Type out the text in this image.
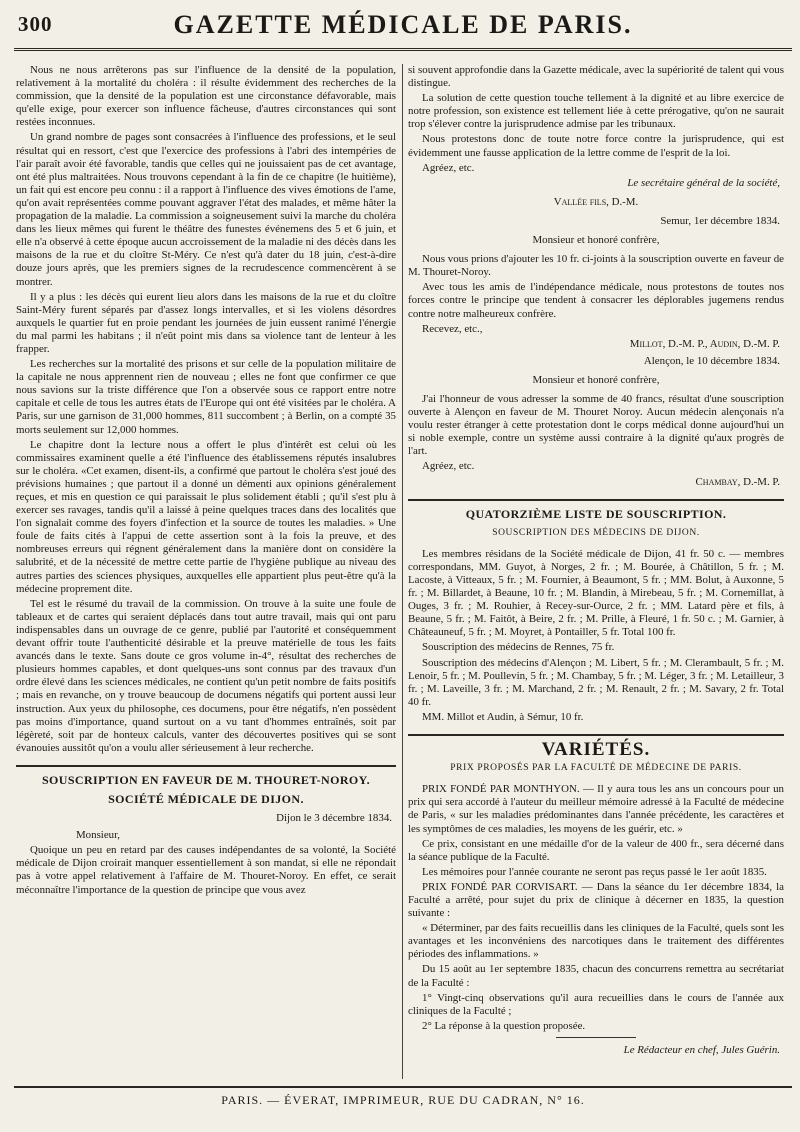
300	GAZETTE MÉDICALE DE PARIS.

Nous ne nous arrêterons pas sur l'influence de la densité de la population, relativement à la mortalité du choléra : il résulte évidemment des recherches de la commission, que la densité de la population est une circonstance défavorable, mais qu'elle exige, pour exercer son influence fâcheuse, d'autres circonstances qui sont restées inconnues.

Un grand nombre de pages sont consacrées à l'influence des professions, et le seul résultat qui en ressort, c'est que l'exercice des professions à l'abri des intempéries de l'air paraît avoir été favorable, tandis que celles qui ne jouissaient pas de cet avantage, ont été plus maltraitées. Nous trouvons cependant à la fin de ce chapitre (le huitième), un fait qui est encore peu connu : il a rapport à l'influence des vives émotions de l'ame, qu'on avait représentées comme pouvant aggraver l'état des malades, et même hâter la propagation de la maladie. La commission a soigneusement suivi la marche du choléra dans les lieux mêmes qui furent le théâtre des funestes événemens des 5 et 6 juin, et elle n'a observé à cette époque aucun accroissement de la maladie ni des décès dans les maisons de la rue et du cloître St-Méry. Ce n'est qu'à dater du 18 juin, c'est-à-dire douze jours après, que les premiers signes de la recrudescence commencèrent à se montrer.

Il y a plus : les décès qui eurent lieu alors dans les maisons de la rue et du cloître Saint-Méry furent séparés par d'assez longs intervalles, et si les violens désordres auxquels le quartier fut en proie pendant les journées de juin eussent ranimé l'énergie du mal parmi les habitans ; il n'eût point mis dans sa violence tant de lenteur à les frapper.

Les recherches sur la mortalité des prisons et sur celle de la population militaire de la capitale ne nous apprennent rien de nouveau ; elles ne font que confirmer ce que nous savions sur la triste différence que l'on a observée sous ce rapport entre notre capitale et celle de tous les autres états de l'Europe qui ont été visitées par le choléra. A Paris, sur une garnison de 31,000 hommes, 811 succombent ; à Berlin, on a compté 35 morts seulement sur 12,000 hommes.

Le chapitre dont la lecture nous a offert le plus d'intérêt est celui où les commissaires examinent quelle a été l'influence des établissemens réputés insalubres sur le choléra. «Cet examen, disent-ils, a confirmé que partout le choléra s'est joué des prévisions humaines ; que partout il a donné un démenti aux opinions généralement reçues, et mis en question ce qui paraissait le plus solidement établi ; qu'il s'est plu à exercer ses ravages, tandis qu'il a laissé à peine quelques traces dans des localités que l'on signalait comme des foyers d'infection et la source de toutes les maladies. » Une foule de faits cités à l'appui de cette assertion sont à la fois la preuve, et des nombreuses erreurs qui régnent généralement dans la manière dont on considère la salubrité, et de la nécessité de mettre cette partie de l'hygiène publique au niveau des autres parties des sciences physiques, auxquelles elle appartient plus peut-être qu'à la médecine proprement dite.

Tel est le résumé du travail de la commission. On trouve à la suite une foule de tableaux et de cartes qui seraient déplacés dans tout autre travail, mais qui ont paru indispensables dans un ouvrage de ce genre, publié par l'autorité et conséquemment devant offrir toute l'authenticité désirable et la preuve matérielle de tous les faits avancés dans le texte. Sans doute ce gros volume in-4°, résultat des recherches de plusieurs hommes capables, et dont quelques-uns sont connus par des travaux d'un ordre élevé dans les sciences médicales, ne contient qu'un petit nombre de faits positifs ; mais en revanche, on y trouve beaucoup de documens négatifs qui portent aussi leur instruction. Aux yeux du philosophe, ces documens, pour être négatifs, n'en possèdent pas moins d'importance, quand surtout on a vu tant d'hommes entraînés, soit par légèreté, soit par de honteux calculs, vanter des découvertes positives qui se sont évanouies aussitôt qu'on a voulu aller sérieusement à leur recherche.

SOUSCRIPTION EN FAVEUR DE M. THOURET-NOROY.
SOCIÉTÉ MÉDICALE DE DIJON.
Dijon le 3 décembre 1834.

Monsieur,

Quoique un peu en retard par des causes indépendantes de sa volonté, la Société médicale de Dijon croirait manquer essentiellement à son mandat, si elle ne répondait pas à votre appel relativement à l'affaire de M. Thouret-Noroy. En effet, ce serait méconnaître l'importance de la question de principe que vous avez

si souvent approfondie dans la Gazette médicale, avec la supériorité de talent qui vous distingue.

La solution de cette question touche tellement à la dignité et au libre exercice de notre profession, son existence est tellement liée à cette prérogative, qu'on ne saurait trop s'élever contre la jurisprudence admise par les tribunaux.

Nous protestons donc de toute notre force contre la jurisprudence, qui est évidemment une fausse application de la lettre comme de l'esprit de la loi.

Agréez, etc.

Le secrétaire général de la société,
Vallée fils, D.-M.
Semur, 1er décembre 1834.
Monsieur et honoré confrère,

Nous vous prions d'ajouter les 10 fr. ci-joints à la souscription ouverte en faveur de M. Thouret-Noroy.

Avec tous les amis de l'indépendance médicale, nous protestons de toutes nos forces contre le principe que tendent à consacrer les déplorables jugemens rendus contre notre malheureux confrère.

Recevez, etc.,

Millot, D.-M. P., Audin, D.-M. P.
Alençon, le 10 décembre 1834.
Monsieur et honoré confrère,

J'ai l'honneur de vous adresser la somme de 40 francs, résultat d'une souscription ouverte à Alençon en faveur de M. Thouret Noroy. Aucun médecin alençonais n'a voulu rester étranger à cette protestation dont le corps médical donne aujourd'hui un si noble exemple, contre un système aussi contraire à la dignité qu'aux progrès de l'art.

Agréez, etc.

Chambay, D.-M. P.
QUATORZIÈME LISTE DE SOUSCRIPTION.
SOUSCRIPTION DES MÉDECINS DE DIJON.

Les membres résidans de la Société médicale de Dijon, 41 fr. 50 c. — membres correspondans, MM. Guyot, à Norges, 2 fr. ; M. Bourée, à Châtillon, 5 fr. ; M. Lacoste, à Vitteaux, 5 fr. ; M. Fournier, à Beaumont, 5 fr. ; MM. Bolut, à Auxonne, 5 fr. ; M. Billardet, à Beaune, 10 fr. ; M. Blandin, à Mirebeau, 5 fr. ; M. Cornemillat, à Ouges, 3 fr. ; M. Rouhier, à Recey-sur-Ource, 2 fr. ; MM. Latard père et fils, à Beaune, 5 fr. ; M. Faitôt, à Beire, 2 fr. ; M. Prille, à Fleuré, 1 fr. 50 c. ; M. Garnier, à Châteauneuf, 5 fr. ; M. Moyret, à Pontailler, 5 fr. Total 100 fr.

Souscription des médecins de Rennes, 75 fr.

Souscription des médecins d'Alençon ; M. Libert, 5 fr. ; M. Clerambault, 5 fr. ; M. Lenoir, 5 fr. ; M. Poullevin, 5 fr. ; M. Chambay, 5 fr. ; M. Léger, 3 fr. ; M. Letailleur, 3 fr. ; M. Laveille, 3 fr. ; M. Marchand, 2 fr. ; M. Renault, 2 fr. ; M. Savary, 2 fr. Total 40 fr.

MM. Millot et Audin, à Sémur, 10 fr.

VARIÉTÉS.
PRIX PROPOSÉS PAR LA FACULTÉ DE MÉDECINE DE PARIS.

PRIX FONDÉ PAR MONTHYON. — Il y aura tous les ans un concours pour un prix qui sera accordé à l'auteur du meilleur mémoire adressé à la Faculté de médecine de Paris, « sur les maladies prédominantes dans l'année précédente, les caractères et les symptômes de ces maladies, les moyens de les guérir, etc. »

Ce prix, consistant en une médaille d'or de la valeur de 400 fr., sera décerné dans la séance publique de la Faculté.

Les mémoires pour l'année courante ne seront pas reçus passé le 1er août 1835.

PRIX FONDÉ PAR CORVISART. — Dans la séance du 1er décembre 1834, la Faculté a arrêté, pour sujet du prix de clinique à décerner en 1835, la question suivante :

« Déterminer, par des faits recueillis dans les cliniques de la Faculté, quels sont les avantages et les inconvéniens des narcotiques dans le traitement des différentes périodes des inflammations. »

Du 15 août au 1er septembre 1835, chacun des concurrens remettra au secrétariat de la Faculté :

1° Vingt-cinq observations qu'il aura recueillies dans le cours de l'année aux cliniques de la Faculté ;

2° La réponse à la question proposée.

Le Rédacteur en chef, Jules Guérin.
PARIS. — ÉVERAT, IMPRIMEUR, RUE DU CADRAN, N° 16.
